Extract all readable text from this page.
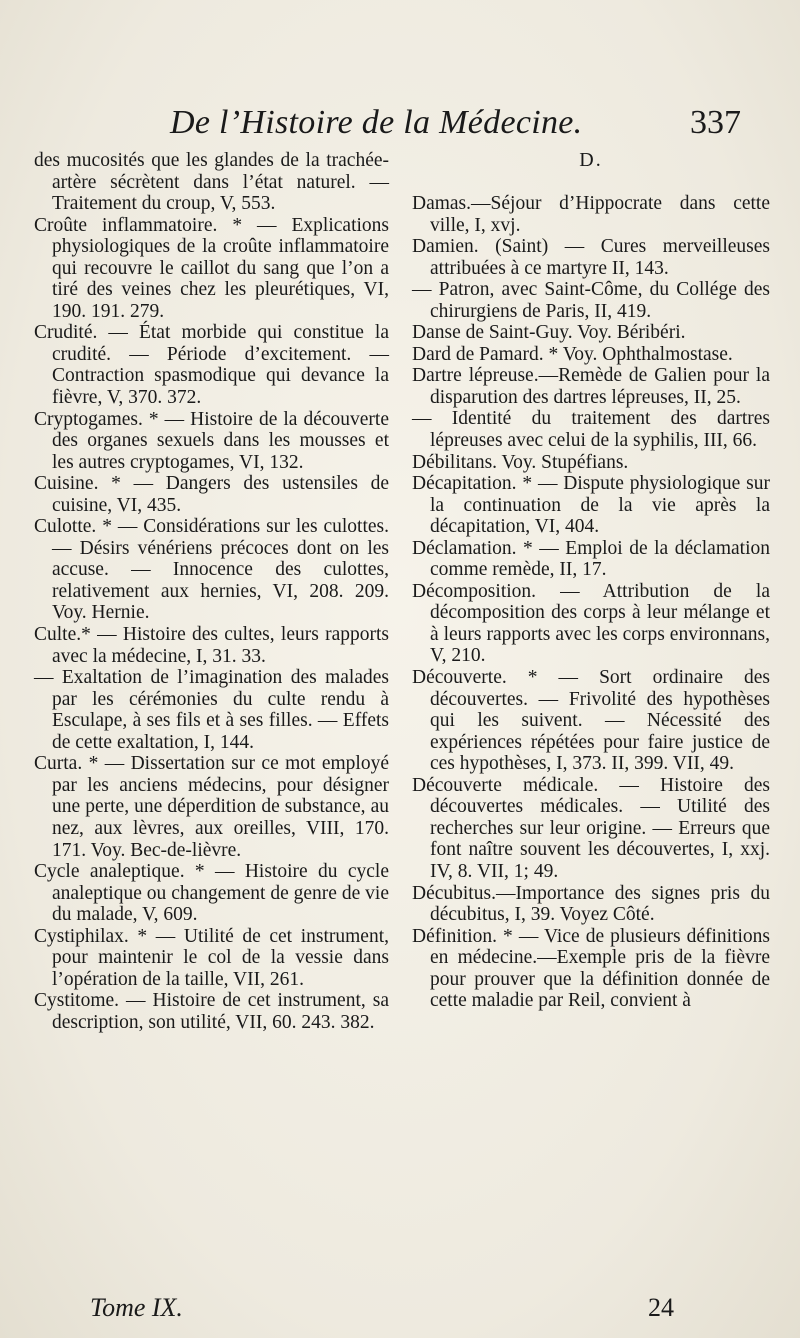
De l’Histoire de la Médecine.	337

des mucosités que les glandes de la trachée-artère sécrètent dans l’état naturel. — Traitement du croup, V, 553.

Croûte inflammatoire. * — Explications physiologiques de la croûte inflammatoire qui recouvre le caillot du sang que l’on a tiré des veines chez les pleurétiques, VI, 190. 191. 279.

Crudité. — État morbide qui constitue la crudité. — Période d’excitement. — Contraction spasmodique qui devance la fièvre, V, 370. 372.

Cryptogames. * — Histoire de la découverte des organes sexuels dans les mousses et les autres cryptogames, VI, 132.

Cuisine. * — Dangers des ustensiles de cuisine, VI, 435.

Culotte. * — Considérations sur les culottes. — Désirs vénériens précoces dont on les accuse. — Innocence des culottes, relativement aux hernies, VI, 208. 209. Voy. Hernie.

Culte.* — Histoire des cultes, leurs rapports avec la médecine, I, 31. 33.

— Exaltation de l’imagination des malades par les cérémonies du culte rendu à Esculape, à ses fils et à ses filles. — Effets de cette exaltation, I, 144.

Curta. * — Dissertation sur ce mot employé par les anciens médecins, pour désigner une perte, une déperdition de substance, au nez, aux lèvres, aux oreilles, VIII, 170. 171. Voy. Bec-de-lièvre.

Cycle analeptique. * — Histoire du cycle analeptique ou changement de genre de vie du malade, V, 609.

Cystiphilax. * — Utilité de cet instrument, pour maintenir le col de la vessie dans l’opération de la taille, VII, 261.

Cystitome. — Histoire de cet instrument, sa description, son utilité, VII, 60. 243. 382.

D.

Damas.—Séjour d’Hippocrate dans cette ville, I, xvj.

Damien. (Saint) — Cures merveilleuses attribuées à ce martyre II, 143.

— Patron, avec Saint-Côme, du Collége des chirurgiens de Paris, II, 419.

Danse de Saint-Guy. Voy. Béribéri.

Dard de Pamard. * Voy. Ophthalmostase.

Dartre lépreuse.—Remède de Galien pour la disparution des dartres lépreuses, II, 25.

— Identité du traitement des dartres lépreuses avec celui de la syphilis, III, 66.

Débilitans. Voy. Stupéfians.

Décapitation. * — Dispute physiologique sur la continuation de la vie après la décapitation, VI, 404.

Déclamation. * — Emploi de la déclamation comme remède, II, 17.

Décomposition. — Attribution de la décomposition des corps à leur mélange et à leurs rapports avec les corps environnans, V, 210.

Découverte. * — Sort ordinaire des découvertes. — Frivolité des hypothèses qui les suivent. — Nécessité des expériences répétées pour faire justice de ces hypothèses, I, 373. II, 399. VII, 49.

Découverte médicale. — Histoire des découvertes médicales. — Utilité des recherches sur leur origine. — Erreurs que font naître souvent les découvertes, I, xxj. IV, 8. VII, 1; 49.

Décubitus.—Importance des signes pris du décubitus, I, 39. Voyez Côté.

Définition. * — Vice de plusieurs définitions en médecine.—Exemple pris de la fièvre pour prouver que la définition donnée de cette maladie par Reil, convient à

Tome IX.	24
